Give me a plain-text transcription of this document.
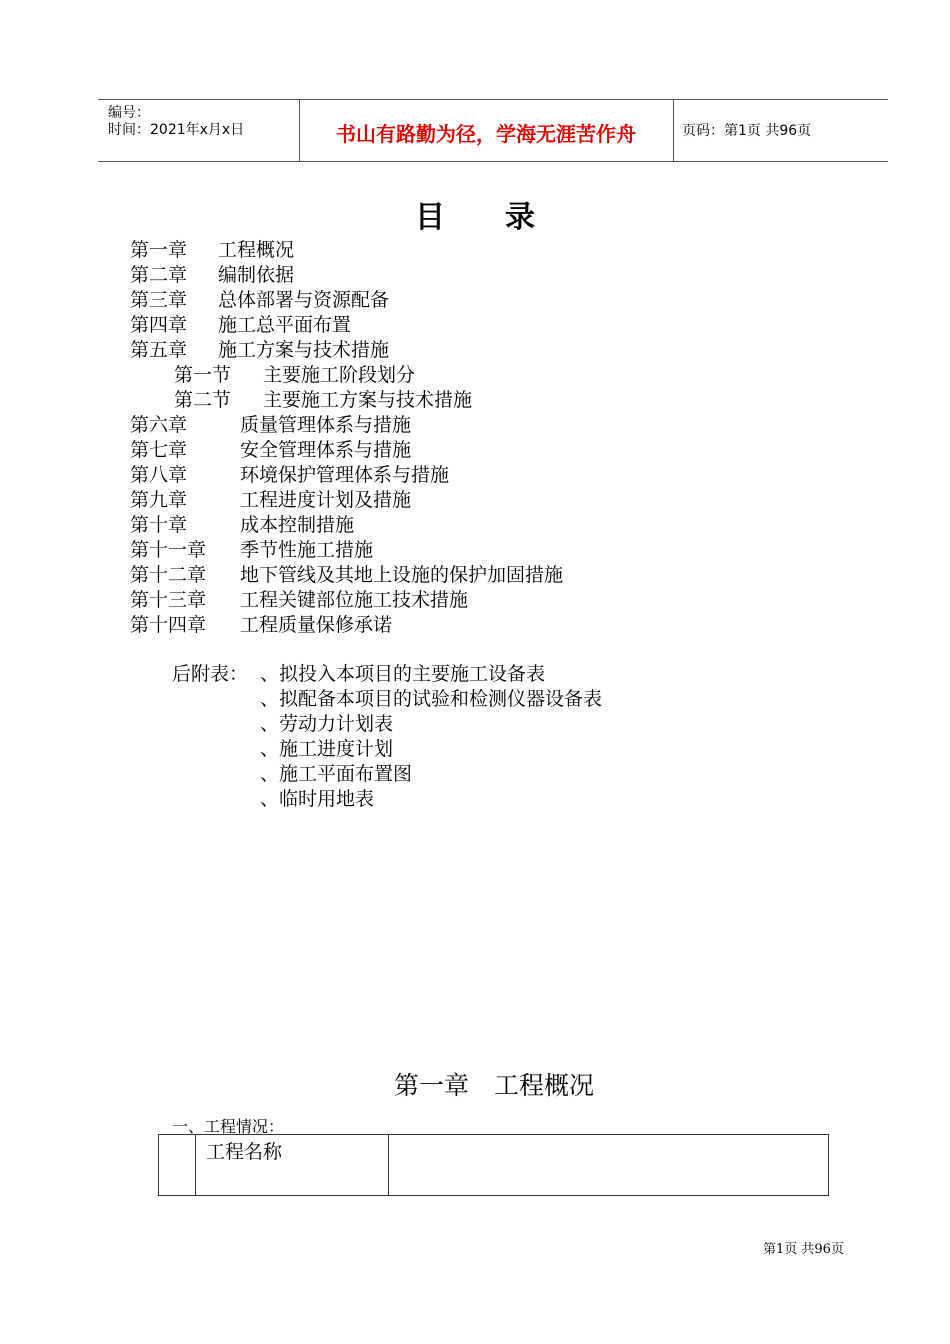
编号：
时间：2021年x月x日	书山有路勤为径，学海无涯苦作舟	页码：第1页 共96页
目录
第一章 工程概况
第二章 编制依据
第三章 总体部署与资源配备
第四章 施工总平面布置
第五章 施工方案与技术措施
第一节 主要施工阶段划分
第二节 主要施工方案与技术措施
第六章	质量管理体系与措施
第七章	安全管理体系与措施
第八章	环境保护管理体系与措施
第九章	工程进度计划及措施
第十章	成本控制措施
第十一章 季节性施工措施
第十二章 地下管线及其地上设施的保护加固措施
第十三章 工程关键部位施工技术措施
第十四章 工程质量保修承诺
后附表： 、拟投入本项目的主要施工设备表
、拟配备本项目的试验和检测仪器设备表
、劳动力计划表
、施工进度计划
、施工平面布置图
、临时用地表
第一章　工程概况
一、工程情况：
	工程名称	
第1页 共96页
